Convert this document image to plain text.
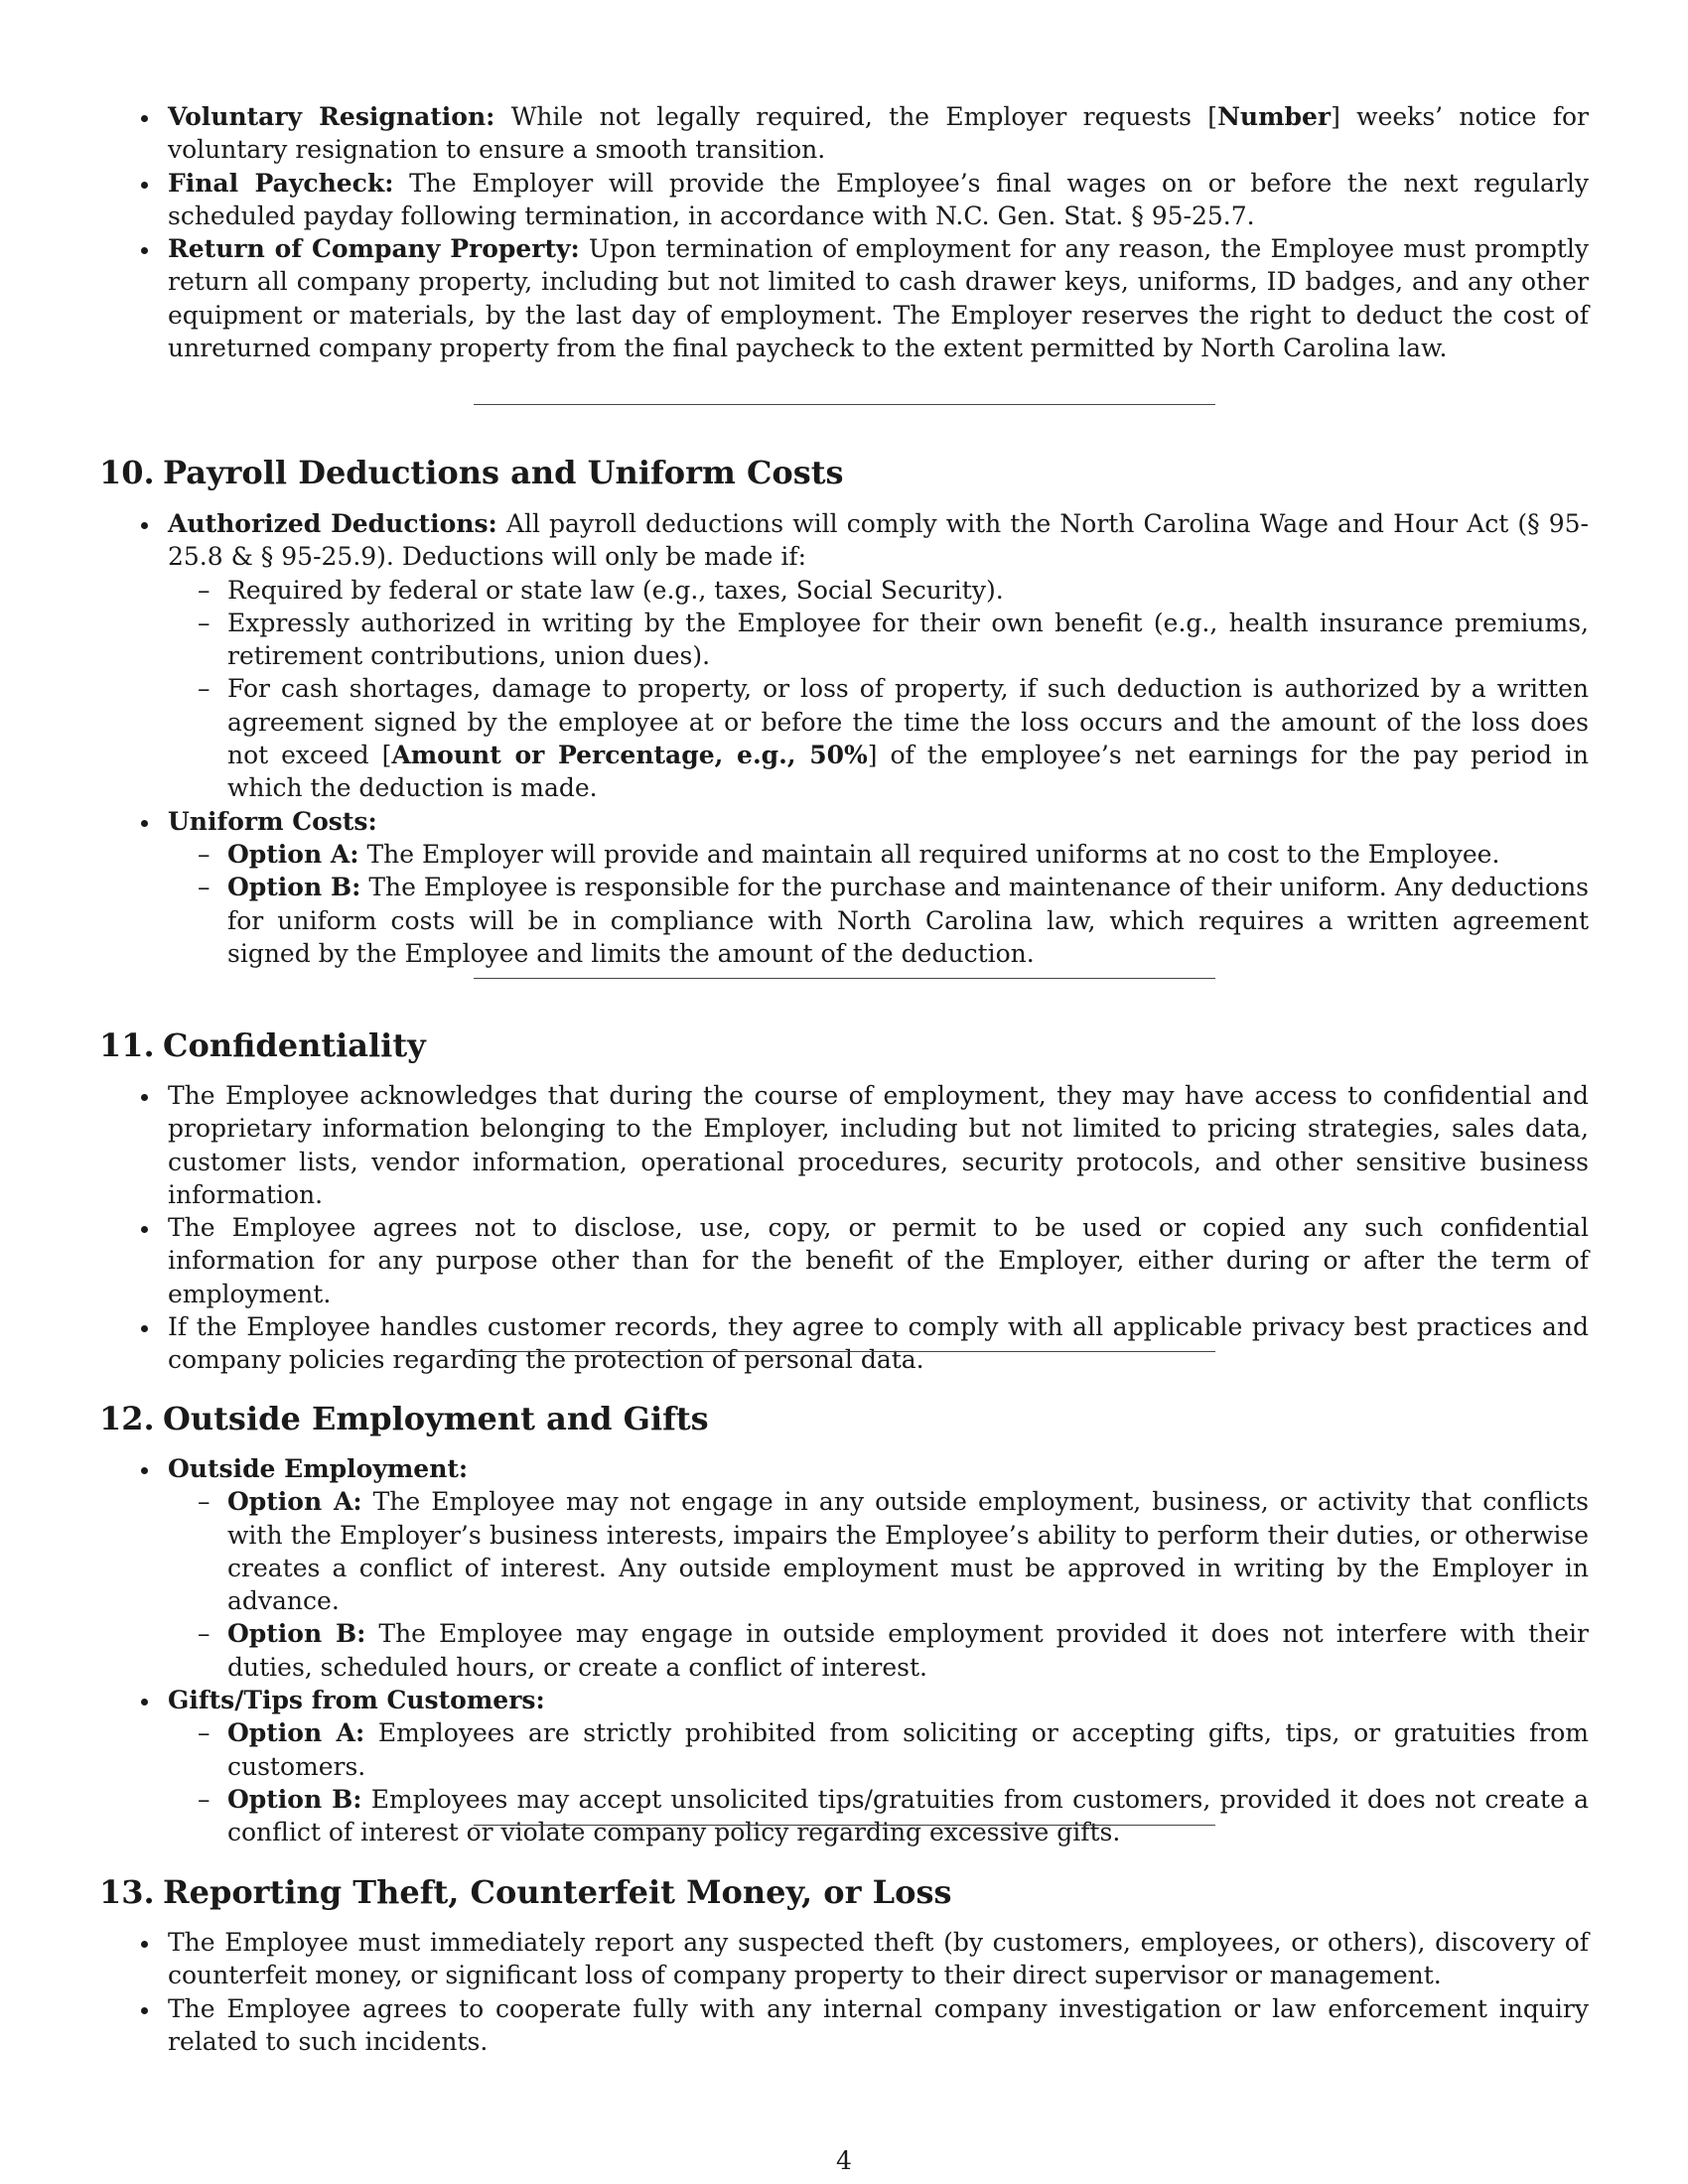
Voluntary Resignation: While not legally required, the Employer requests [Number] weeks’ notice for voluntary resignation to ensure a smooth transition.
Final Paycheck: The Employer will provide the Employee’s final wages on or before the next regularly scheduled payday following termination, in accordance with N.C. Gen. Stat. § 95-25.7.
Return of Company Property: Upon termination of employment for any reason, the Employee must promptly return all company property, including but not limited to cash drawer keys, uniforms, ID badges, and any other equipment or materials, by the last day of employment. The Employer reserves the right to deduct the cost of unreturned company property from the final paycheck to the extent permitted by North Carolina law.
10. Payroll Deductions and Uniform Costs
Authorized Deductions: All payroll deductions will comply with the North Carolina Wage and Hour Act (§ 95-25.8 & § 95-25.9). Deductions will only be made if:
– Required by federal or state law (e.g., taxes, Social Security).
– Expressly authorized in writing by the Employee for their own benefit (e.g., health insurance premiums, retirement contributions, union dues).
– For cash shortages, damage to property, or loss of property, if such deduction is authorized by a written agreement signed by the employee at or before the time the loss occurs and the amount of the loss does not exceed [Amount or Percentage, e.g., 50%] of the employee’s net earnings for the pay period in which the deduction is made.
Uniform Costs:
– Option A: The Employer will provide and maintain all required uniforms at no cost to the Employee.
– Option B: The Employee is responsible for the purchase and maintenance of their uniform. Any deductions for uniform costs will be in compliance with North Carolina law, which requires a written agreement signed by the Employee and limits the amount of the deduction.
11. Confidentiality
The Employee acknowledges that during the course of employment, they may have access to confidential and proprietary information belonging to the Employer, including but not limited to pricing strategies, sales data, customer lists, vendor information, operational procedures, security protocols, and other sensitive business information.
The Employee agrees not to disclose, use, copy, or permit to be used or copied any such confidential information for any purpose other than for the benefit of the Employer, either during or after the term of employment.
If the Employee handles customer records, they agree to comply with all applicable privacy best practices and company policies regarding the protection of personal data.
12. Outside Employment and Gifts
Outside Employment:
– Option A: The Employee may not engage in any outside employment, business, or activity that conflicts with the Employer’s business interests, impairs the Employee’s ability to perform their duties, or otherwise creates a conflict of interest. Any outside employment must be approved in writing by the Employer in advance.
– Option B: The Employee may engage in outside employment provided it does not interfere with their duties, scheduled hours, or create a conflict of interest.
Gifts/Tips from Customers:
– Option A: Employees are strictly prohibited from soliciting or accepting gifts, tips, or gratuities from customers.
– Option B: Employees may accept unsolicited tips/gratuities from customers, provided it does not create a conflict of interest or violate company policy regarding excessive gifts.
13. Reporting Theft, Counterfeit Money, or Loss
The Employee must immediately report any suspected theft (by customers, employees, or others), discovery of counterfeit money, or significant loss of company property to their direct supervisor or management.
The Employee agrees to cooperate fully with any internal company investigation or law enforcement inquiry related to such incidents.
4
